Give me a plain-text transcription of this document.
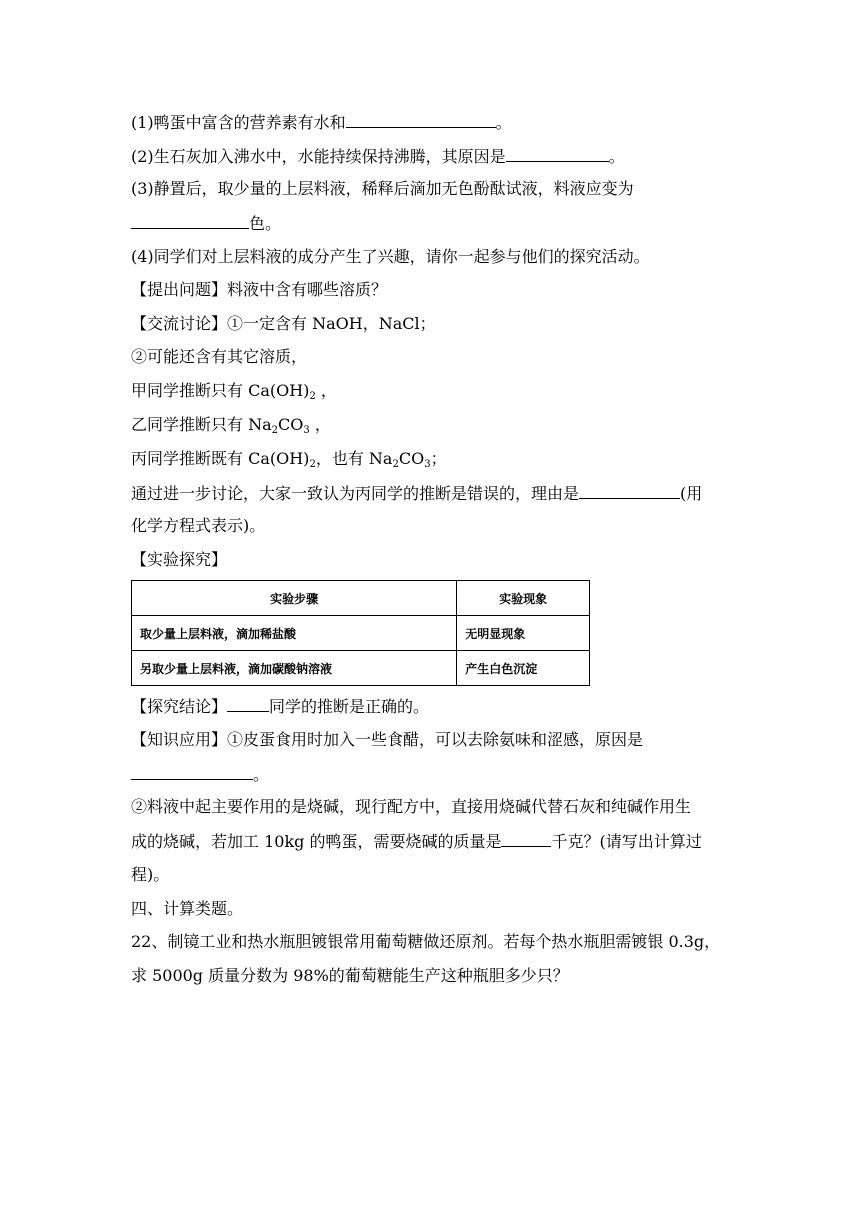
(1)鸭蛋中富含的营养素有水和	。
(2)生石灰加入沸水中，水能持续保持沸腾，其原因是	。
(3)静置后，取少量的上层料液，稀释后滴加无色酚酞试液，料液应变为
色。
(4)同学们对上层料液的成分产生了兴趣，请你一起参与他们的探究活动。
【提出问题】料液中含有哪些溶质？
【交流讨论】①一定含有 NaOH，NaCl；
②可能还含有其它溶质，
甲同学推断只有 $Ca(OH)_2$ ，
乙同学推断只有 $Na_2CO_3$ ，
丙同学推断既有 $Ca(OH)_2$，也有 $Na_2CO_3$；
通过进一步讨论，大家一致认为丙同学的推断是错误的，理由是	(用
化学方程式表示)。
【实验探究】
实验步骤	实验现象
取少量上层料液，滴加稀盐酸	无明显现象
另取少量上层料液，滴加碳酸钠溶液	产生白色沉淀
【探究结论】	同学的推断是正确的。
【知识应用】①皮蛋食用时加入一些食醋，可以去除氨味和涩感，原因是
。
②料液中起主要作用的是烧碱，现行配方中，直接用烧碱代替石灰和纯碱作用生
成的烧碱，若加工 10kg 的鸭蛋，需要烧碱的质量是	千克？(请写出计算过
程)。
四、计算类题。
22、制镜工业和热水瓶胆镀银常用葡萄糖做还原剂。若每个热水瓶胆需镀银 0.3g，
求 5000g 质量分数为 98%的葡萄糖能生产这种瓶胆多少只？
